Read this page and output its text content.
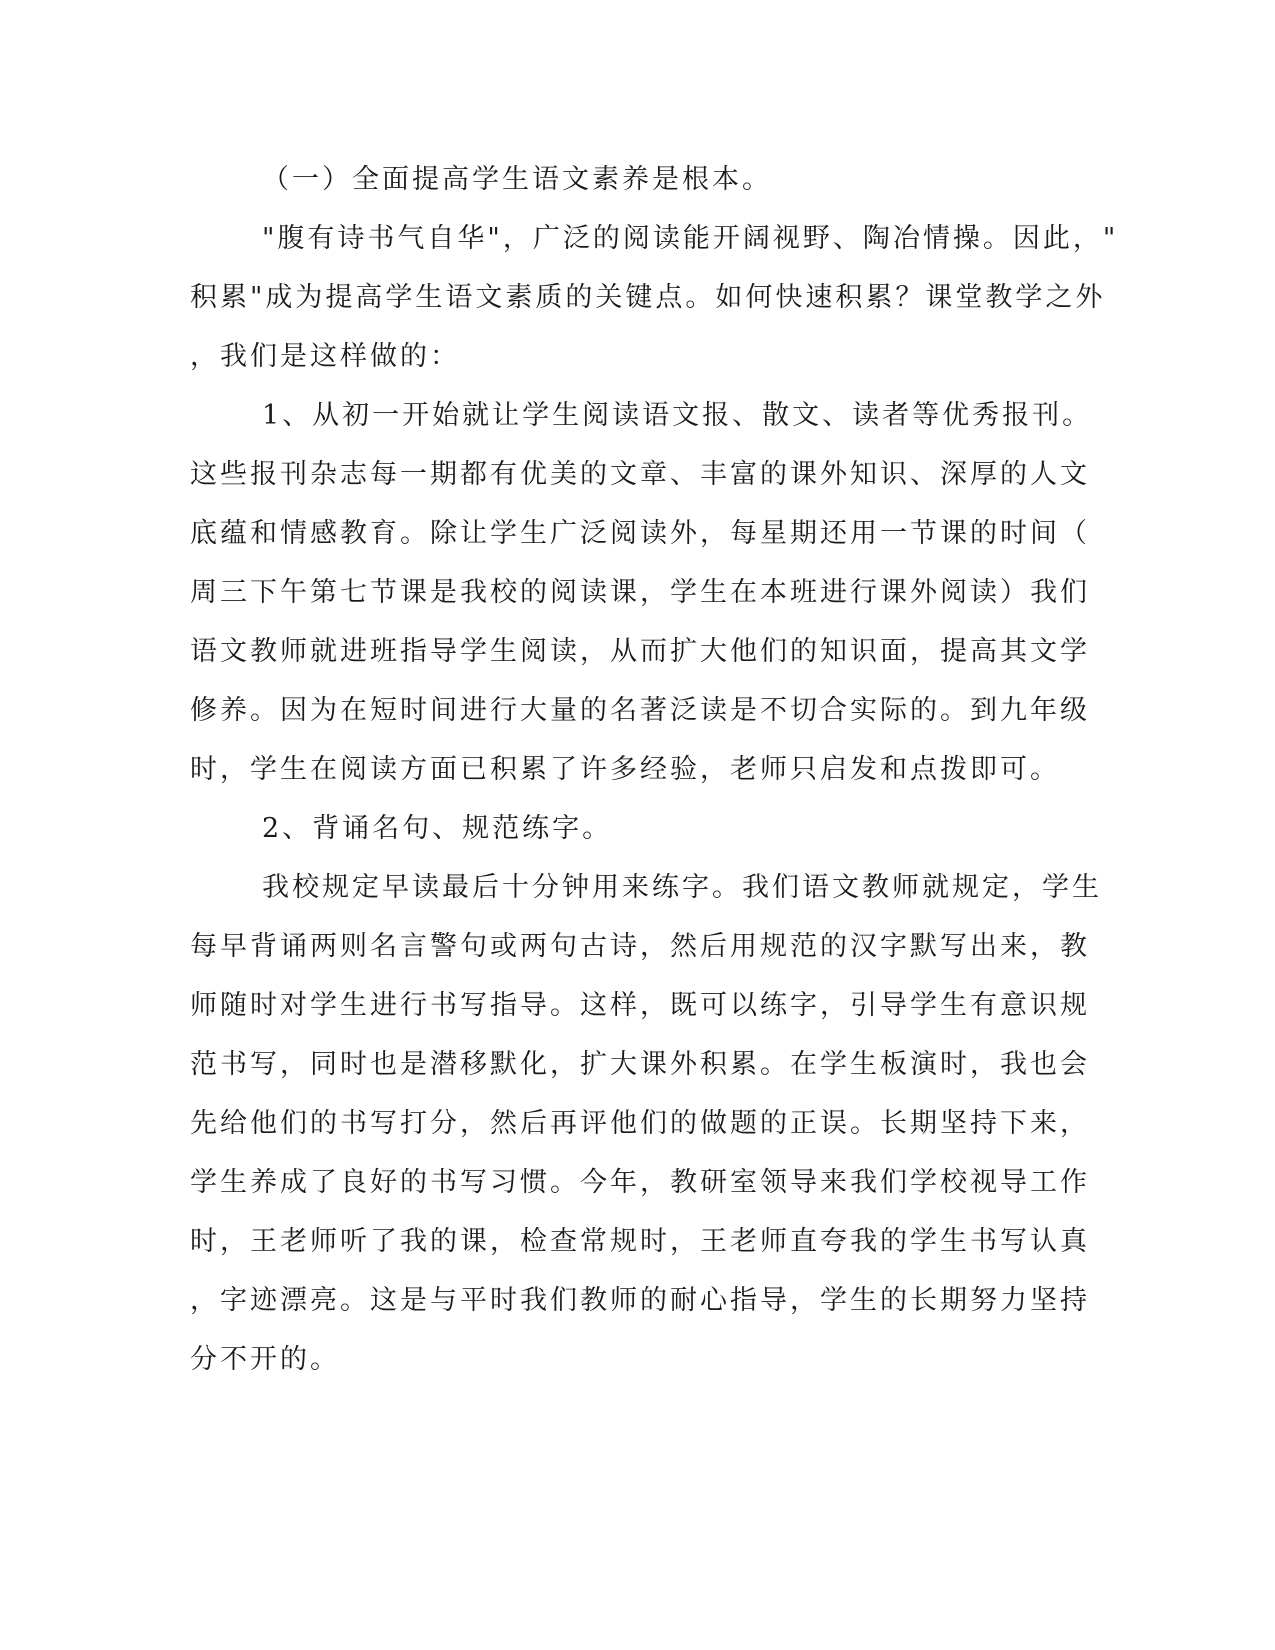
（一）全面提高学生语文素养是根本。
"腹有诗书气自华"，广泛的阅读能开阔视野、陶冶情操。因此，"
积累"成为提高学生语文素质的关键点。如何快速积累？课堂教学之外
，我们是这样做的：
1、从初一开始就让学生阅读语文报、散文、读者等优秀报刊。
这些报刊杂志每一期都有优美的文章、丰富的课外知识、深厚的人文
底蕴和情感教育。除让学生广泛阅读外，每星期还用一节课的时间（
周三下午第七节课是我校的阅读课，学生在本班进行课外阅读）我们
语文教师就进班指导学生阅读，从而扩大他们的知识面，提高其文学
修养。因为在短时间进行大量的名著泛读是不切合实际的。到九年级
时，学生在阅读方面已积累了许多经验，老师只启发和点拨即可。
2、背诵名句、规范练字。
我校规定早读最后十分钟用来练字。我们语文教师就规定，学生
每早背诵两则名言警句或两句古诗，然后用规范的汉字默写出来，教
师随时对学生进行书写指导。这样，既可以练字，引导学生有意识规
范书写，同时也是潜移默化，扩大课外积累。在学生板演时，我也会
先给他们的书写打分，然后再评他们的做题的正误。长期坚持下来，
学生养成了良好的书写习惯。今年，教研室领导来我们学校视导工作
时，王老师听了我的课，检查常规时，王老师直夸我的学生书写认真
，字迹漂亮。这是与平时我们教师的耐心指导，学生的长期努力坚持
分不开的。
